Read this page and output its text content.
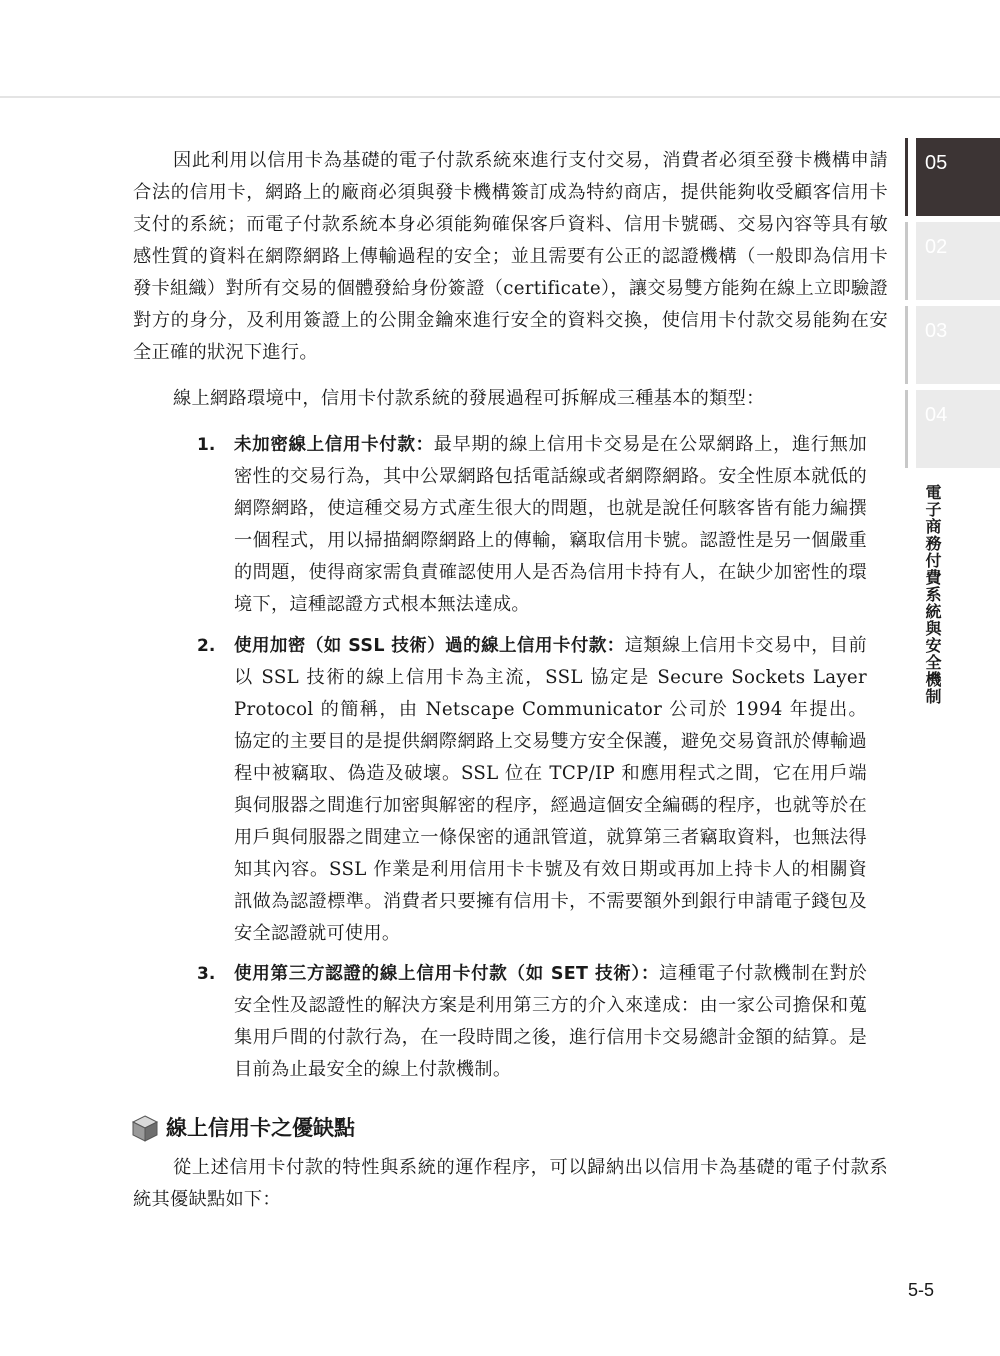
05
02
03
04
電子商務付費系統與安全機制

因此利用以信用卡為基礎的電子付款系統來進行支付交易，消費者必須至發卡機構申請合法的信用卡，網路上的廠商必須與發卡機構簽訂成為特約商店，提供能夠收受顧客信用卡支付的系統；而電子付款系統本身必須能夠確保客戶資料、信用卡號碼、交易內容等具有敏感性質的資料在網際網路上傳輸過程的安全；並且需要有公正的認證機構（一般即為信用卡發卡組織）對所有交易的個體發給身份簽證（certificate），讓交易雙方能夠在線上立即驗證對方的身分，及利用簽證上的公開金鑰來進行安全的資料交換，使信用卡付款交易能夠在安全正確的狀況下進行。

線上網路環境中，信用卡付款系統的發展過程可拆解成三種基本的類型：

1. 未加密線上信用卡付款：最早期的線上信用卡交易是在公眾網路上，進行無加密性的交易行為，其中公眾網路包括電話線或者網際網路。安全性原本就低的網際網路，使這種交易方式產生很大的問題，也就是說任何駭客皆有能力編撰一個程式，用以掃描網際網路上的傳輸，竊取信用卡號。認證性是另一個嚴重的問題，使得商家需負責確認使用人是否為信用卡持有人，在缺少加密性的環境下，這種認證方式根本無法達成。
2. 使用加密（如 SSL 技術）過的線上信用卡付款：這類線上信用卡交易中，目前以 SSL 技術的線上信用卡為主流，SSL 協定是 Secure Sockets Layer Protocol 的簡稱，由 Netscape Communicator 公司於 1994 年提出。協定的主要目的是提供網際網路上交易雙方安全保護，避免交易資訊於傳輸過程中被竊取、偽造及破壞。SSL 位在 TCP/IP 和應用程式之間，它在用戶端與伺服器之間進行加密與解密的程序，經過這個安全編碼的程序，也就等於在用戶與伺服器之間建立一條保密的通訊管道，就算第三者竊取資料，也無法得知其內容。SSL 作業是利用信用卡卡號及有效日期或再加上持卡人的相關資訊做為認證標準。消費者只要擁有信用卡，不需要額外到銀行申請電子錢包及安全認證就可使用。
3. 使用第三方認證的線上信用卡付款（如 SET 技術）：這種電子付款機制在對於安全性及認證性的解決方案是利用第三方的介入來達成：由一家公司擔保和蒐集用戶間的付款行為，在一段時間之後，進行信用卡交易總計金額的結算。是目前為止最安全的線上付款機制。
線上信用卡之優缺點

從上述信用卡付款的特性與系統的運作程序，可以歸納出以信用卡為基礎的電子付款系統其優缺點如下：

5-5
